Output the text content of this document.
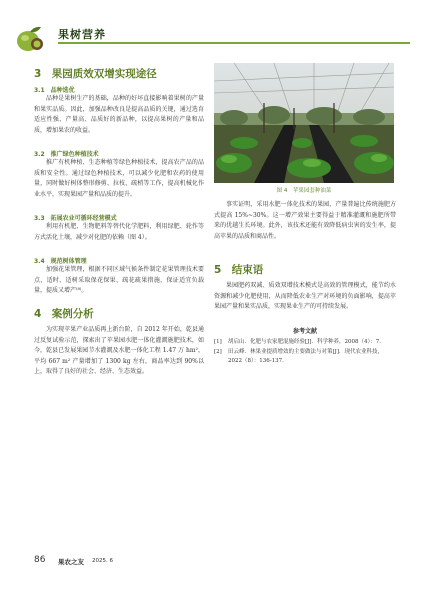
果树营养
3　果园质效双增实现途径
3.1　品种选优
品种是果树生产的基础，品种的好坏直接影响着果树的产量和果实品质。因此，加强品种改良是提高品质的关键，通过选育适应性强、产量高、品质好的新品种，以提高果树的产量和品质，增加果农的收益。
3.2　推广绿色种植技术
推广有机种植、生态种植等绿色种植技术，提高农产品的品质和安全性。通过绿色种植技术，可以减少化肥和农药的使用量，同时做好树体整形修剪、拉枝、疏梢等工作，提高机械化作业水平，实现果园产量和品质的提升。
3.3　拓展农业可循环经营模式
利用有机肥、生物肥料等替代化学肥料，利用绿肥、轮作等方式活化土壤，减少对化肥的依赖（图 4）。
3.4　规范树体管理
加强花果管理，根据不同区域气候条件制定花果管理技术要点，适时、适树采取保花保果、疏花疏果措施，保证适宜负载量，提质又增产⁽⁸⁾。
4　案例分析
为实现苹果产业品质再上新台阶，自 2012 年开始，乾县通过反复试验示范，探索出了苹果园水肥一体化灌溉施肥技术，如今，乾县已发展果园节水灌溉及水肥一体化工程 1.47 万 hm²，平均 667 m² 产量增加了 1300 kg 左右，商品率达到 90%以上，取得了良好的社会、经济、生态效益。
图 4　苹果园套种油菜
事实证明，采用水肥一体化技术的果园，产量普遍比传统施肥方式提高 15%~30%。这一增产效果主要得益于精准灌溉和施肥所带来的优越生长环境。此外，该技术还能有效降低病虫害的发生率，提高苹果的品质和商品性。
5　结束语
果园肥药双减、质效双增技术模式是高效的管理模式，能节约水资源和减少化肥使用，从而降低农业生产对环境的负面影响，提高苹果园产量和果实品质，实现果业生产的可持续发展。
参考文献
[1]	胡启山．化肥与农家肥混施经验[J]．科学种养，2008（4）：7.
[2]	田云峰．林果业提质增效的主要做法与对策[J]．现代农业科技，2022（8）：136-137.
86 果农之友 2025. 6
